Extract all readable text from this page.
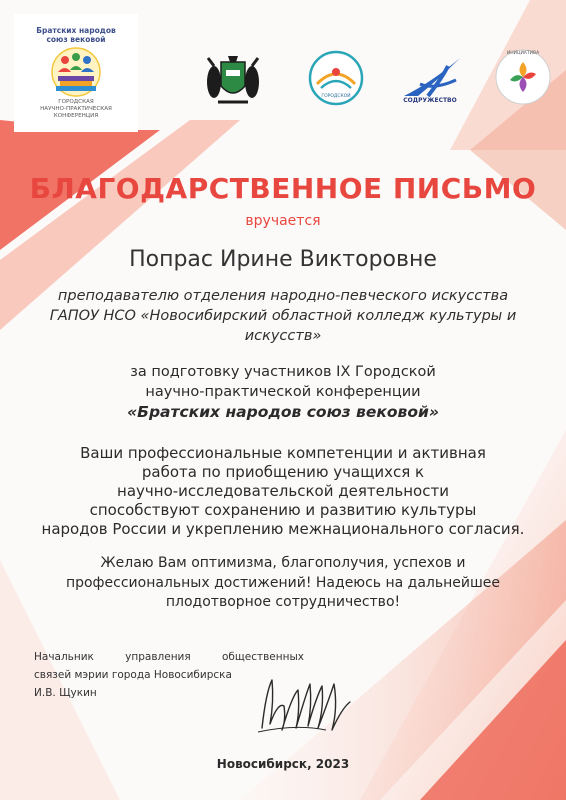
Братских народов
союз вековой
ГОРОДСКАЯ
НАУЧНО-ПРАКТИЧЕСКАЯ
КОНФЕРЕНЦИЯ
ГОРОДСКОЙ
СОДРУЖЕСТВО
ИНИЦИАТИВА
БЛАГОДАРСТВЕННОЕ ПИСЬМО
вручается
Попрас Ирине Викторовне
преподавателю отделения народно-певческого искусства
ГАПОУ НСО «Новосибирский областной колледж культуры и
искусств»
за подготовку участников IX Городской
научно-практической конференции
«Братских народов союз вековой»
Ваши профессиональные компетенции и активная
работа по приобщению учащихся к
научно-исследовательской деятельности
способствуют сохранению и развитию культуры
народов России и укреплению межнационального согласия.
Желаю Вам оптимизма, благополучия, успехов и
профессиональных достижений! Надеюсь на дальнейшее
плодотворное сотрудничество!
Начальник	управления	общественных
связей мэрии города Новосибирска
И.В. Щукин
Новосибирск, 2023
